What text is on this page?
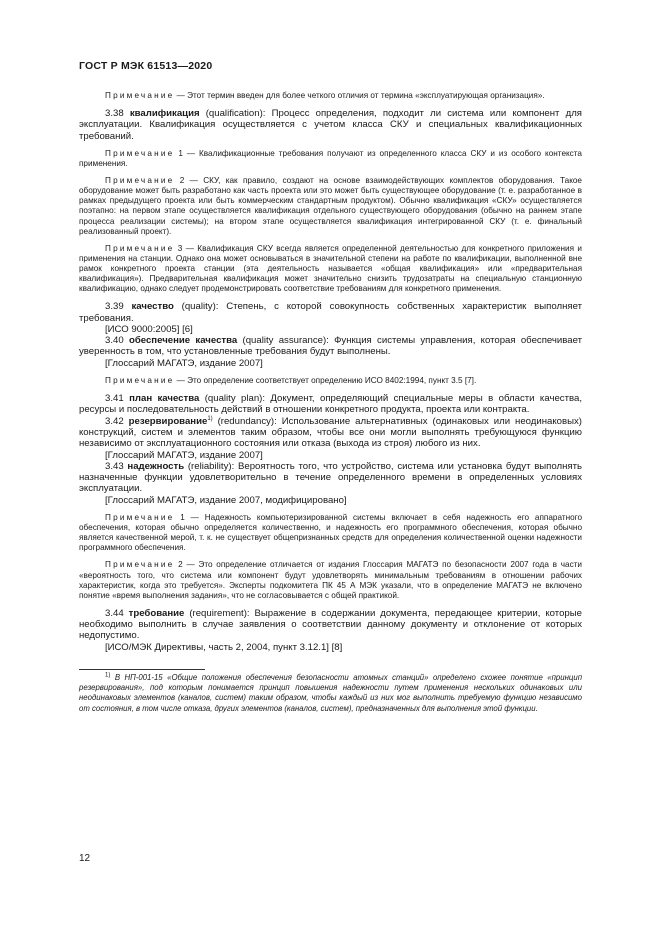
ГОСТ Р МЭК 61513—2020

Примечание — Этот термин введен для более четкого отличия от термина «эксплуатирующая организация».

3.38 квалификация (qualification): Процесс определения, подходит ли система или компонент для эксплуатации. Квалификация осуществляется с учетом класса СКУ и специальных квалификационных требований.

Примечание 1 — Квалификационные требования получают из определенного класса СКУ и из особого контекста применения.

Примечание 2 — СКУ, как правило, создают на основе взаимодействующих комплектов оборудования. Такое оборудование может быть разработано как часть проекта или это может быть существующее оборудование (т. е. разработанное в рамках предыдущего проекта или быть коммерческим стандартным продуктом). Обычно квалификация «СКУ» осуществляется поэтапно: на первом этапе осуществляется квалификация отдельного существующего оборудования (обычно на раннем этапе процесса реализации системы); на втором этапе осуществляется квалификация интегрированной СКУ (т. е. финальный реализованный проект).

Примечание 3 — Квалификация СКУ всегда является определенной деятельностью для конкретного приложения и применения на станции. Однако она может основываться в значительной степени на работе по квалификации, выполненной вне рамок конкретного проекта станции (эта деятельность называется «общая квалификация» или «предварительная квалификация»). Предварительная квалификация может значительно снизить трудозатраты на специальную станционную квалификацию, однако следует продемонстрировать соответствие требованиям для конкретного применения.

3.39 качество (quality): Степень, с которой совокупность собственных характеристик выполняет требования.

[ИСО 9000:2005] [6]

3.40 обеспечение качества (quality assurance): Функция системы управления, которая обеспечивает уверенность в том, что установленные требования будут выполнены.

[Глоссарий МАГАТЭ, издание 2007]

Примечание — Это определение соответствует определению ИСО 8402:1994, пункт 3.5 [7].

3.41 план качества (quality plan): Документ, определяющий специальные меры в области качества, ресурсы и последовательность действий в отношении конкретного продукта, проекта или контракта.

3.42 резервирование$^{1)}$ (redundancy): Использование альтернативных (одинаковых или неодинаковых) конструкций, систем и элементов таким образом, чтобы все они могли выполнять требующуюся функцию независимо от эксплуатационного состояния или отказа (выхода из строя) любого из них.

[Глоссарий МАГАТЭ, издание 2007]

3.43 надежность (reliability): Вероятность того, что устройство, система или установка будут выполнять назначенные функции удовлетворительно в течение определенного времени в определенных условиях эксплуатации.

[Глоссарий МАГАТЭ, издание 2007, модифицировано]

Примечание 1 — Надежность компьютеризированной системы включает в себя надежность его аппаратного обеспечения, которая обычно определяется количественно, и надежность его программного обеспечения, которая обычно является качественной мерой, т. к. не существует общепризнанных средств для определения количественной оценки надежности программного обеспечения.

Примечание 2 — Это определение отличается от издания Глоссария МАГАТЭ по безопасности 2007 года в части «вероятность того, что система или компонент будут удовлетворять минимальным требованиям в отношении рабочих характеристик, когда это требуется». Эксперты подкомитета ПК 45 А МЭК указали, что в определение МАГАТЭ не включено понятие «время выполнения задания», что не согласовывается с общей практикой.

3.44 требование (requirement): Выражение в содержании документа, передающее критерии, которые необходимо выполнить в случае заявления о соответствии данному документу и отклонение от которых недопустимо.

[ИСО/МЭК Директивы, часть 2, 2004, пункт 3.12.1] [8]

$^{1)}$ В НП-001-15 «Общие положения обеспечения безопасности атомных станций» определено схожее понятие «принцип резервирования», под которым понимается принцип повышения надежности путем применения нескольких одинаковых или неодинаковых элементов (каналов, систем) таким образом, чтобы каждый из них мог выполнить требуемую функцию независимо от состояния, в том числе отказа, других элементов (каналов, систем), предназначенных для выполнения этой функции.

12
